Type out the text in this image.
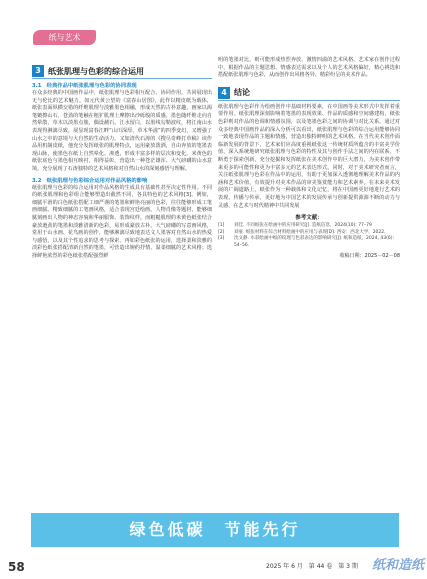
纸与艺术
3 纸张肌理与色彩的综合运用
3.1　经典作品中纸张肌理与色彩的协同表现
在众多经典的中国画作品中，纸张肌理与色彩相互配合、协同作用，共同展现出无与伦比的艺术魅力。如元代黄公望的《富春山居图》，此作以精皮纸为载体，纸张表面纵横交错的纤维肌理与淡雅墨色相融，形成天然的古朴意趣。画家以渴笔皴擦山石，苍劲的笔触在粗犷肌理上摩擦出沙砾般的质感，墨色随纤维走向自然晕散，草木以淡墨点簇，偶设赭石，江水留白，以墨线勾勒波纹，将江南山水表现得淋漓尽致，展显现富春江畔“山川深厚，草木华滋”的四季变幻，又增强了山水之中的意境与大自然的生命活力。又如清代石涛的《搜尽奇峰打草稿》该作品用机制皮纸，他充分发挥纸张的肌理特点，运用豪放泼洒，自由奔放的笔墨表现山脉，使墨色在纸上自然晕化、渗透，形成丰富多样的层次和变化。米黄色的纸张底色与墨色相互映衬，相得益彰，营造出一种苍茫雄浑、大气磅礴的山水意境，充分展现了石涛独特的艺术风格和对自然山水的深刻感悟与理解。
3.2　纸张肌理与色彩综合运用对作品风格的影响
纸张肌理与色彩的综合运用对作品风格的生成具有基础性甚至决定性作用。不同的纸张肌理和色彩组合能够塑造出截然不同，各具特色的艺术风格[3]。例如，细腻平滑的白色纸张搭配工细严谨的笔墨和鲜艳亮丽的色彩，往往能够形成工笔画细腻、精致细腻的工笔画风格，适合表现宫廷绘画、人物肖像等题材，能够细腻刻画出人物的神态容貌和华丽服饰、装饰纹样。而粗糙肌理的米黄色纸张结合豪放遒劲的笔墨和淡雅清新的色彩，易形成豪放古朴、大气磅礴的写意画风格，常用于山水画、花鸟画的创作，能够淋漓尽致地表达文人墨客对自然山水的热爱与感悟，以及其个性追求的思考与探索。再如彩色纸张的运用，选择柔和淡雅的淡彩色纸张搭配清新自然的笔墨，可营造出婉约抒情、温柔细腻的艺术风格；选择鲜艳浓烈的彩色纸张搭配强烈鲜
明的笔墨对比，则可能形成热烈奔放、激情四溢的艺术风格。艺术家在创作过程中，根据作品的主题思想、情感表达需求以及个人的艺术风格偏好，精心挑选和搭配纸张肌理与色彩，从而创作出风格各异、精彩纷呈的美术作品。
4 结论
纸张肌理与色彩作为绘画创作中基础材料要素，在中国画等美术形式中发挥着重要作用。纸张肌理深刻影响着笔墨的表现效果、作品的质感和空间感建构，纸张色彩则对作品的色调和情感氛围，以及笔墨色彩之间的协调与对比关系。通过对众多经典中国画作品的深入分析可以看出，纸张肌理与色彩的综合运用能够协同一致地表现作品的主题和情感，营造出独特鲜明的艺术风格。在当代美术创作面临新发展的背景下，艺术家们应高度重视纸张这一传统材质所蕴含的丰富美学价值，深入系统地研究纸张肌理与色彩的特性及其与创作手法之间的内在联系，不断勇于探索创新，充分挖掘和发挥纸张在美术创作中的巨大潜力，为美术创作带来更多的可能性和更为丰富多元的艺术表达形式。同时，对于美术研究者而言，关注纸张肌理与色彩在作品中的运用，有助于更加深入透彻地理解美术作品的内涵和艺术价值，有效提升对美术作品的审美鉴赏能力和艺术素养。在未来美术发展的广阔道路上，纸张作为一种载体和文化记忆，将在中国画更好地进行艺术的表现、传播与传承，更好地为中国艺术的发展传承与创新提供源源不断的动力与灵感，在艺术与时代精神中共同发展
参考文献：
[1]	刘佳. 不同纸张在绘画中的应用研究[J]. 造纸信息，2024(10): 77–79
[2]	刘豪. 纸张材料在综合材料绘画中的应用与表现[D]. 西安：西北大学，2022.
[3]	沈文静. 水彩绘画中纸的纹理与色彩表达的影响研究[J]. 纸和造纸，2024, 43(6): 54–56.
收稿日期：2025－02－08
绿色低碳　节能先行
58	2025 年 6 月　第 44 卷　第 3 期 纸和造纸
